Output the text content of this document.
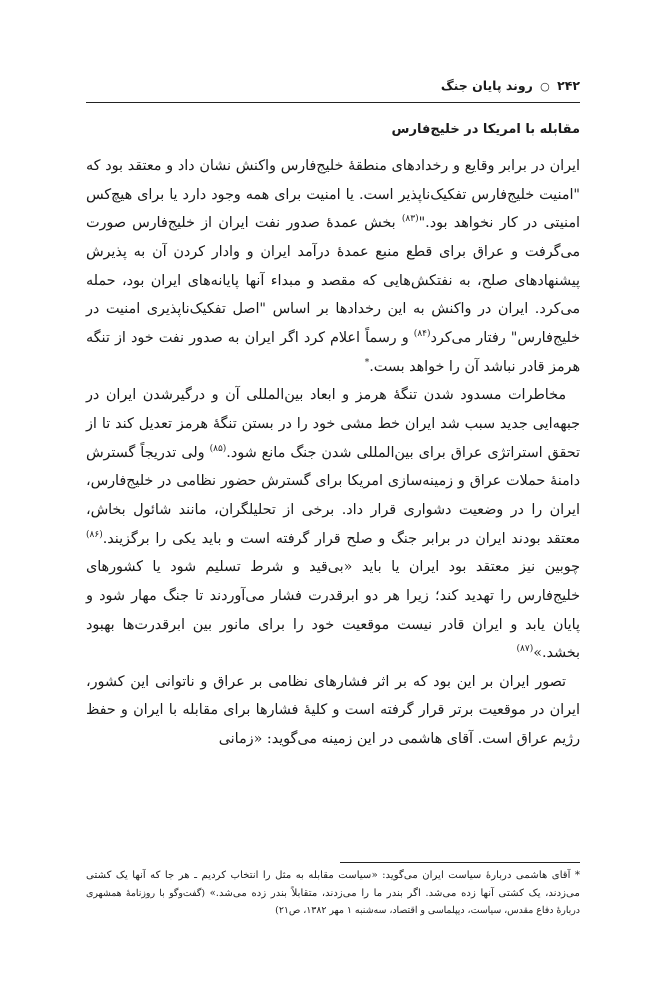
۲۴۲ ○ روند پایان جنگ
مقابله با امریکا در خلیج‌فارس

ایران در برابر وقایع و رخدادهای منطقهٔ خلیج‌فارس واکنش نشان داد و معتقد بود که "امنیت خلیج‌فارس تفکیک‌ناپذیر است. یا امنیت برای همه وجود دارد یا برای هیچ‌کس امنیتی در کار نخواهد بود."$^{(۸۳)}$ بخش عمدهٔ صدور نفت ایران از خلیج‌فارس صورت می‌گرفت و عراق برای قطع منبع عمدهٔ درآمد ایران و وادار کردن آن به پذیرش پیشنهادهای صلح، به نفتکش‌هایی که مقصد و مبداء آنها پایانه‌های ایران بود، حمله می‌کرد. ایران در واکنش به این رخدادها بر اساس "اصل تفکیک‌ناپذیری امنیت در خلیج‌فارس" رفتار می‌کرد$^{(۸۴)}$ و رسماً اعلام کرد اگر ایران به صدور نفت خود از تنگه هرمز قادر نباشد آن را خواهد بست.*

مخاطرات مسدود شدن تنگهٔ هرمز و ابعاد بین‌المللی آن و درگیرشدن ایران در جبهه‌ایی جدید سبب شد ایران خط مشی خود را در بستن تنگهٔ هرمز تعدیل کند تا از تحقق استراتژی عراق برای بین‌المللی شدن جنگ مانع شود.$^{(۸۵)}$ ولی تدریجاً گسترش دامنهٔ حملات عراق و زمینه‌سازی امریکا برای گسترش حضور نظامی در خلیج‌فارس، ایران را در وضعیت دشواری قرار داد. برخی از تحلیلگران، مانند شائول بخاش، معتقد بودند ایران در برابر جنگ و صلح قرار گرفته است و باید یکی را برگزیند.$^{(۸۶)}$ چوبین نیز معتقد بود ایران یا باید «بی‌قید و شرط تسلیم شود یا کشورهای خلیج‌فارس را تهدید کند؛ زیرا هر دو ابرقدرت فشار می‌آوردند تا جنگ مهار شود و پایان یابد و ایران قادر نیست موقعیت خود را برای مانور بین ابرقدرت‌ها بهبود بخشد.»$^{(۸۷)}$

تصور ایران بر این بود که بر اثر فشارهای نظامی بر عراق و ناتوانی این کشور، ایران در موقعیت برتر قرار گرفته است و کلیهٔ فشارها برای مقابله با ایران و حفظ رژیم عراق است. آقای هاشمی در این زمینه می‌گوید: «زمانی

* آقای هاشمی دربارهٔ سیاست ایران می‌گوید: «سیاست مقابله به مثل را انتخاب کردیم ـ هر جا که آنها یک کشتی می‌زدند، یک کشتی آنها زده می‌شد. اگر بندر ما را می‌زدند، متقابلاً بندر زده می‌شد.» (گفت‌وگو با روزنامهٔ همشهری دربارهٔ دفاع مقدس، سیاست، دیپلماسی و اقتصاد، سه‌شنبه ۱ مهر ۱۳۸۲، ص۲۱)
